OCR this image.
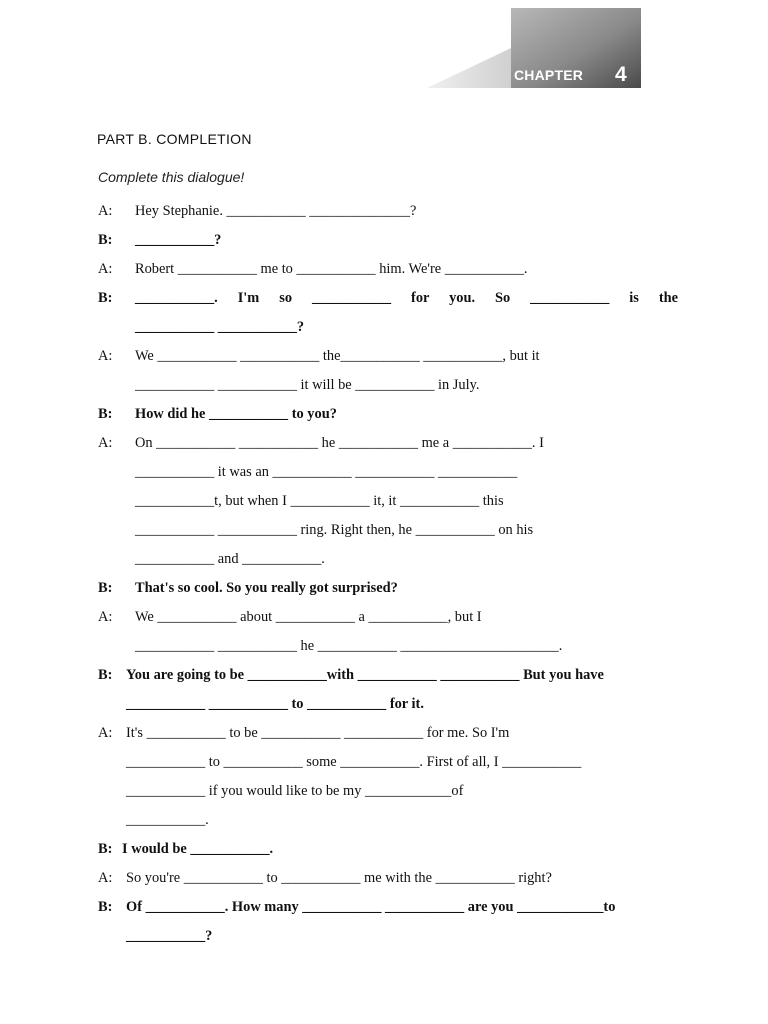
CHAPTER 4
PART B. COMPLETION
Complete this dialogue!
A: Hey Stephanie. ___________ ______________?
B: ___________?
A: Robert ___________ me to ___________ him. We're ___________.
B: ___________. I'm so ___________ for you. So ___________ is the
___________ ___________?
A: We ___________ ___________ the___________ ___________, but it
___________ ___________ it will be ___________ in July.
B: How did he ___________ to you?
A: On ___________ ___________ he ___________ me a ___________. I
___________ it was an ___________ ___________ ___________
___________t, but when I ___________ it, it ___________ this
___________ ___________ ring. Right then, he ___________ on his
___________ and ___________.
B: That's so cool. So you really got surprised?
A: We ___________ about ___________ a ___________, but I
___________ ___________ he ___________ ______________________.
B: You are going to be ___________with ___________ ___________ But you have
___________ ___________ to ___________ for it.
A: It's ___________ to be ___________ ___________ for me. So I'm
___________ to ___________ some ___________. First of all, I ___________
___________ if you would like to be my ____________of
___________.
B: I would be ___________.
A: So you're ___________ to ___________ me with the ___________ right?
B: Of ___________. How many ___________ ___________ are you ____________to
___________?
